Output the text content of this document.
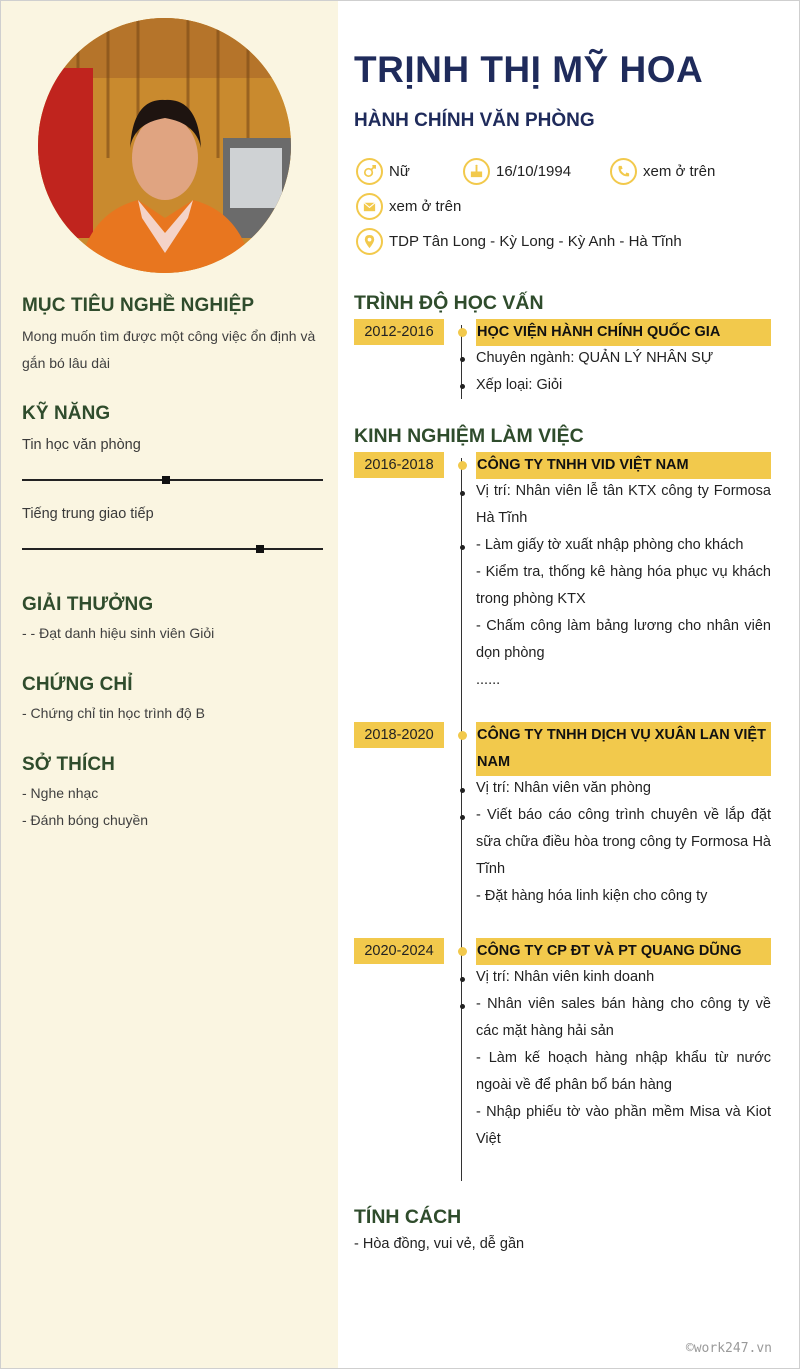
MỤC TIÊU NGHỀ NGHIỆP
Mong muốn tìm được một công việc ổn định và gắn bó lâu dài
KỸ NĂNG
Tin học văn phòng
Tiếng trung giao tiếp
GIẢI THƯỞNG
- - Đạt danh hiệu sinh viên Giỏi
CHỨNG CHỈ
- Chứng chỉ tin học trình độ B
SỞ THÍCH
- Nghe nhạc
- Đánh bóng chuyền
TRỊNH THỊ MỸ HOA
HÀNH CHÍNH VĂN PHÒNG
Nữ	16/10/1994	xem ở trên
xem ở trên
TDP Tân Long - Kỳ Long - Kỳ Anh - Hà Tĩnh
TRÌNH ĐỘ HỌC VẤN
2012-2016	HỌC VIỆN HÀNH CHÍNH QUỐC GIA
Chuyên ngành: QUẢN LÝ NHÂN SỰ
Xếp loại: Giỏi
KINH NGHIỆM LÀM VIỆC
2016-2018	CÔNG TY TNHH VID VIỆT NAM
Vị trí: Nhân viên lễ tân KTX công ty Formosa Hà Tĩnh
- Làm giấy tờ xuất nhập phòng cho khách
- Kiểm tra, thống kê hàng hóa phục vụ khách trong phòng KTX
- Chấm công làm bảng lương cho nhân viên dọn phòng
......
2018-2020	CÔNG TY TNHH DỊCH VỤ XUÂN LAN VIỆT NAM
Vị trí: Nhân viên văn phòng
- Viết báo cáo công trình chuyên về lắp đặt sữa chữa điều hòa trong công ty Formosa Hà Tĩnh
- Đặt hàng hóa linh kiện cho công ty
2020-2024	CÔNG TY CP ĐT VÀ PT QUANG DŨNG
Vị trí: Nhân viên kinh doanh
- Nhân viên sales bán hàng cho công ty về các mặt hàng hải sản
- Làm kế hoạch hàng nhập khẩu từ nước ngoài về để phân bổ bán hàng
- Nhập phiếu tờ vào phần mềm Misa và Kiot Việt
TÍNH CÁCH
- Hòa đồng, vui vẻ, dễ gần
©work247.vn
